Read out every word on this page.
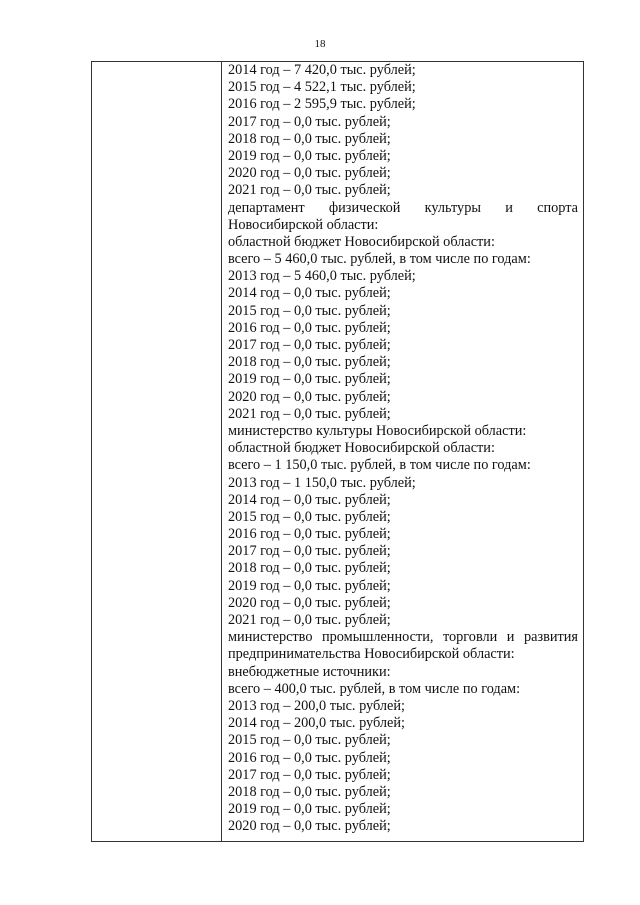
18
2014 год – 7 420,0 тыс. рублей;
2015 год – 4 522,1 тыс. рублей;
2016 год – 2 595,9 тыс. рублей;
2017 год – 0,0 тыс. рублей;
2018 год – 0,0 тыс. рублей;
2019 год – 0,0 тыс. рублей;
2020 год – 0,0 тыс. рублей;
2021 год – 0,0 тыс. рублей;
департамент физической культуры и спорта
Новосибирской области:
областной бюджет Новосибирской области:
всего – 5 460,0 тыс. рублей, в том числе по годам:
2013 год – 5 460,0 тыс. рублей;
2014 год – 0,0 тыс. рублей;
2015 год – 0,0 тыс. рублей;
2016 год – 0,0 тыс. рублей;
2017 год – 0,0 тыс. рублей;
2018 год – 0,0 тыс. рублей;
2019 год – 0,0 тыс. рублей;
2020 год – 0,0 тыс. рублей;
2021 год – 0,0 тыс. рублей;
министерство культуры Новосибирской области:
областной бюджет Новосибирской области:
всего – 1 150,0 тыс. рублей, в том числе по годам:
2013 год – 1 150,0 тыс. рублей;
2014 год – 0,0 тыс. рублей;
2015 год – 0,0 тыс. рублей;
2016 год – 0,0 тыс. рублей;
2017 год – 0,0 тыс. рублей;
2018 год – 0,0 тыс. рублей;
2019 год – 0,0 тыс. рублей;
2020 год – 0,0 тыс. рублей;
2021 год – 0,0 тыс. рублей;
министерство промышленности, торговли и развития
предпринимательства Новосибирской области:
внебюджетные источники:
всего – 400,0 тыс. рублей, в том числе по годам:
2013 год – 200,0 тыс. рублей;
2014 год – 200,0 тыс. рублей;
2015 год – 0,0 тыс. рублей;
2016 год – 0,0 тыс. рублей;
2017 год – 0,0 тыс. рублей;
2018 год – 0,0 тыс. рублей;
2019 год – 0,0 тыс. рублей;
2020 год – 0,0 тыс. рублей;
